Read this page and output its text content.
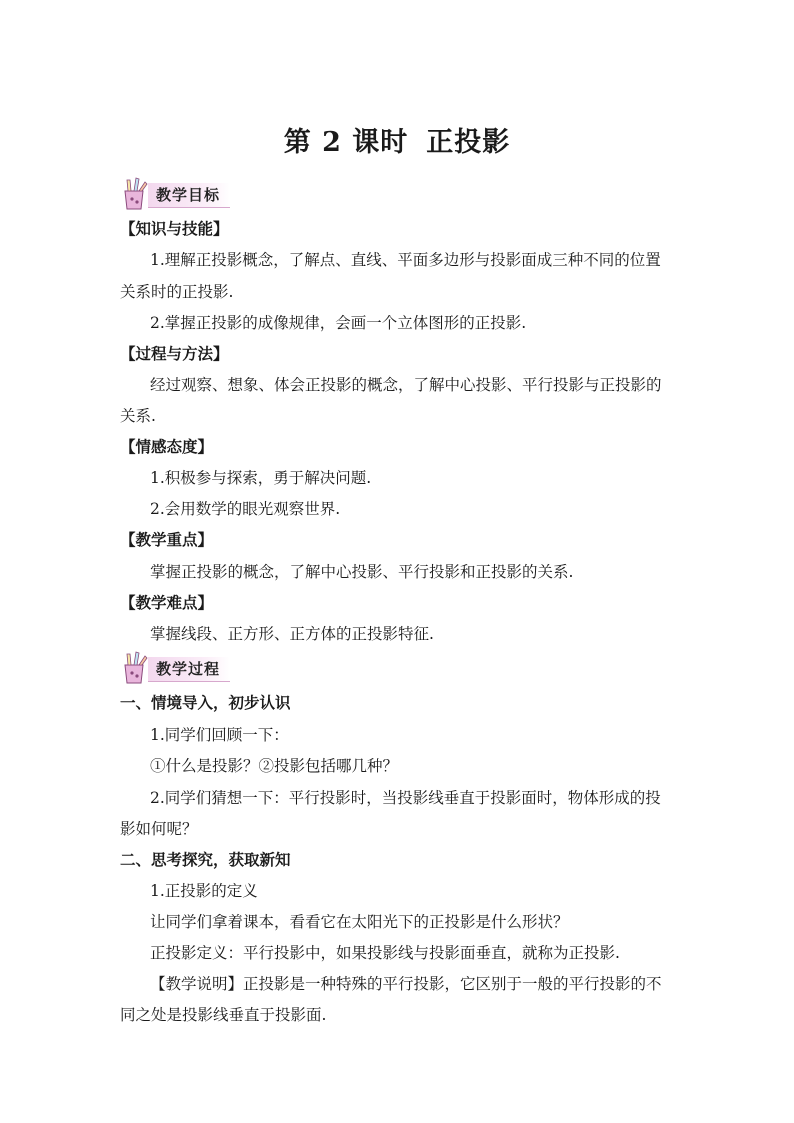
第 2 课时 正投影
教学目标
【知识与技能】
1.理解正投影概念，了解点、直线、平面多边形与投影面成三种不同的位置
关系时的正投影.
2.掌握正投影的成像规律，会画一个立体图形的正投影.
【过程与方法】
经过观察、想象、体会正投影的概念，了解中心投影、平行投影与正投影的
关系.
【情感态度】
1.积极参与探索，勇于解决问题.
2.会用数学的眼光观察世界.
【教学重点】
掌握正投影的概念，了解中心投影、平行投影和正投影的关系.
【教学难点】
掌握线段、正方形、正方体的正投影特征.
教学过程
一、情境导入，初步认识
1.同学们回顾一下：
①什么是投影？②投影包括哪几种？
2.同学们猜想一下：平行投影时，当投影线垂直于投影面时，物体形成的投
影如何呢？
二、思考探究，获取新知
1.正投影的定义
让同学们拿着课本，看看它在太阳光下的正投影是什么形状？
正投影定义：平行投影中，如果投影线与投影面垂直，就称为正投影.
【教学说明】正投影是一种特殊的平行投影，它区别于一般的平行投影的不
同之处是投影线垂直于投影面.
